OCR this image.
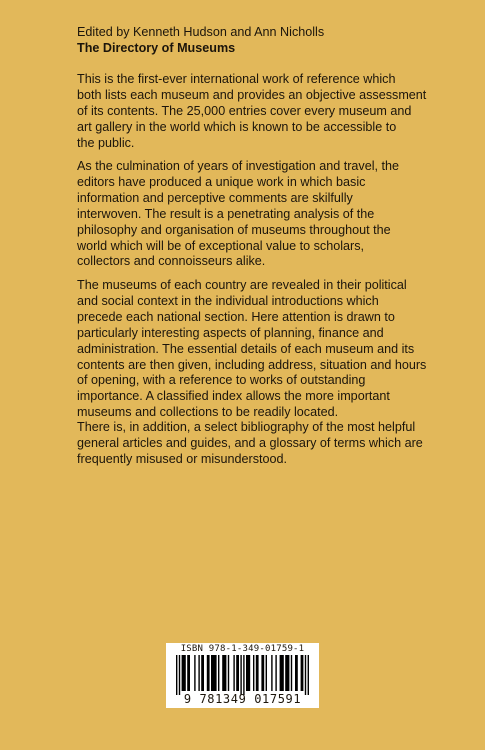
Edited by Kenneth Hudson and Ann Nicholls
The Directory of Museums

This is the first-ever international work of reference which
both lists each museum and provides an objective assessment
of its contents. The 25,000 entries cover every museum and
art gallery in the world which is known to be accessible to
the public.

As the culmination of years of investigation and travel, the
editors have produced a unique work in which basic
information and perceptive comments are skilfully
interwoven. The result is a penetrating analysis of the
philosophy and organisation of museums throughout the
world which will be of exceptional value to scholars,
collectors and connoisseurs alike.

The museums of each country are revealed in their political
and social context in the individual introductions which
precede each national section. Here attention is drawn to
particularly interesting aspects of planning, finance and
administration. The essential details of each museum and its
contents are then given, including address, situation and hours
of opening, with a reference to works of outstanding
importance. A classified index allows the more important
museums and collections to be readily located.

There is, in addition, a select bibliography of the most helpful
general articles and guides, and a glossary of terms which are
frequently misused or misunderstood.

ISBN 978-1-349-01759-1
9 781349 017591
